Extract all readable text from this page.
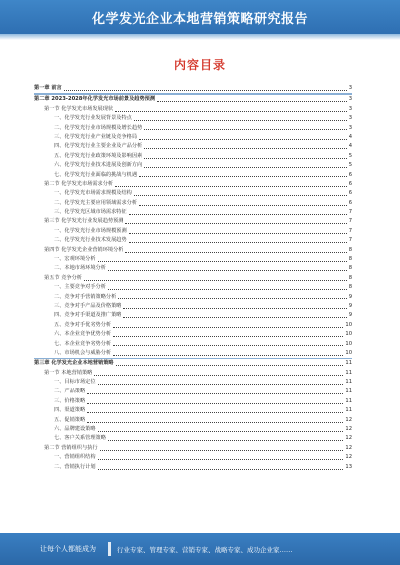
化学发光企业本地营销策略研究报告
内容目录
第一章 前言	3
第二章 2023-2028年化学发光市场前景及趋势预测	3
第一节 化学发光市场发展现状	3
一、化学发光行业发展背景及特点	3
二、化学发光行业市场规模及增长趋势	3
三、化学发光行业产业链及竞争格局	4
四、化学发光行业主要企业及产品分析	4
五、化学发光行业政策环境及影响因素	5
六、化学发光行业技术进展及创新方向	5
七、化学发光行业面临的挑战与机遇	6
第二节 化学发光市场需求分析	6
一、化学发光市场需求规模及结构	6
二、化学发光主要应用领域需求分析	6
三、化学发光区域市场需求特征	7
第三节 化学发光行业发展趋势预测	7
一、化学发光行业市场规模预测	7
二、化学发光行业技术发展趋势	7
第四节 化学发光企业营销环境分析	8
一、宏观环境分析	8
二、本地市场环境分析	8
第五节 竞争分析	8
一、主要竞争对手分析	8
二、竞争对手营销策略分析	9
三、竞争对手产品及价格策略	9
四、竞争对手渠道及推广策略	9
五、竞争对手优劣势分析	10
六、本企业竞争优势分析	10
七、本企业竞争劣势分析	10
八、市场机会与威胁分析	10
第三章 化学发光企业本地营销策略	11
第一节 本地营销策略	11
一、目标市场定位	11
二、产品策略	11
三、价格策略	11
四、渠道策略	11
五、促销策略	12
六、品牌建设策略	12
七、客户关系管理策略	12
第二节 营销组织与执行	12
一、营销组织结构	12
二、营销执行计划	13
让每个人都能成为	行业专家、管理专家、营销专家、战略专家、成功企业家……
